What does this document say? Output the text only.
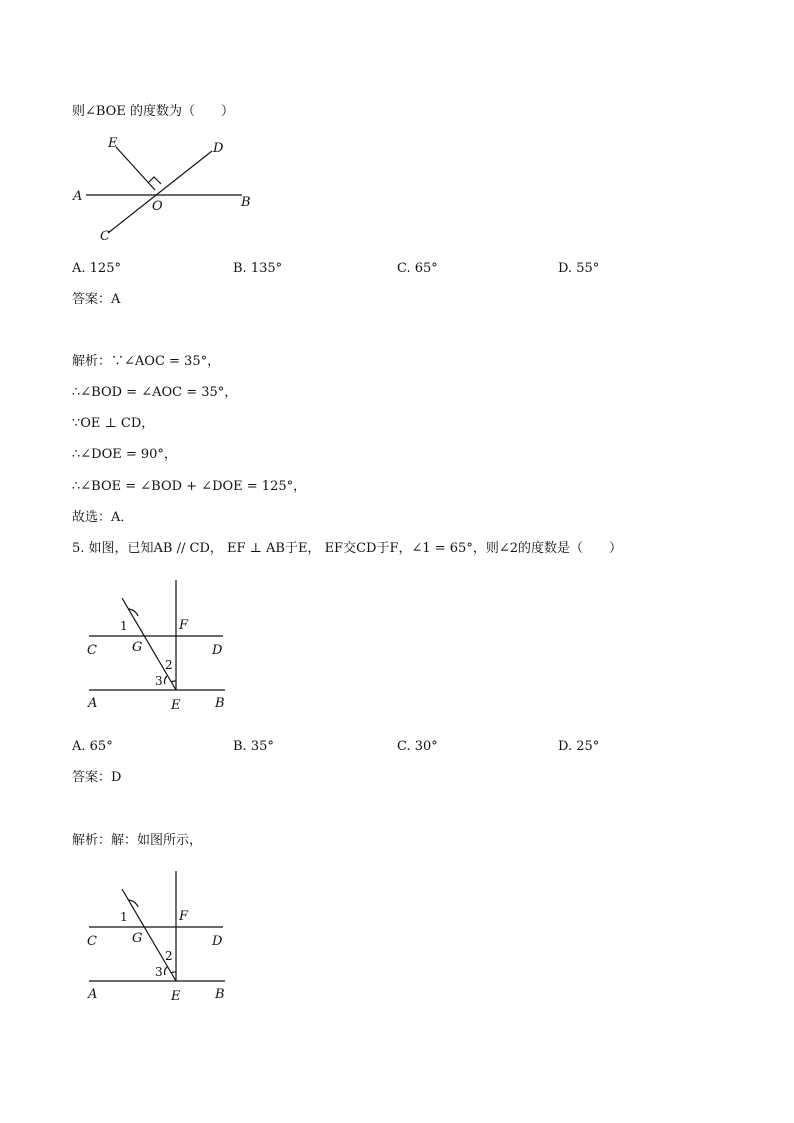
则∠BOE 的度数为（　　）
E	D
A
O	B
C
A. 125°	B. 135°	C. 65°	D. 55°
答案：A
解析：∵∠AOC = 35°，
∴∠BOD = ∠AOC = 35°，
∵OE ⊥ CD，
∴∠DOE = 90°，
∴∠BOE = ∠BOD + ∠DOE = 125°，
故选：A．
5. 如图，已知AB // CD， EF ⊥ AB于E， EF交CD于F，∠1 = 65°，则∠2的度数是（　　）
1
2
3
F
G
C	D
A	E	B
A. 65°	B. 35°	C. 30°	D. 25°
答案：D
解析：解：如图所示，
1
2
3
F
G
C	D
A	E	B
